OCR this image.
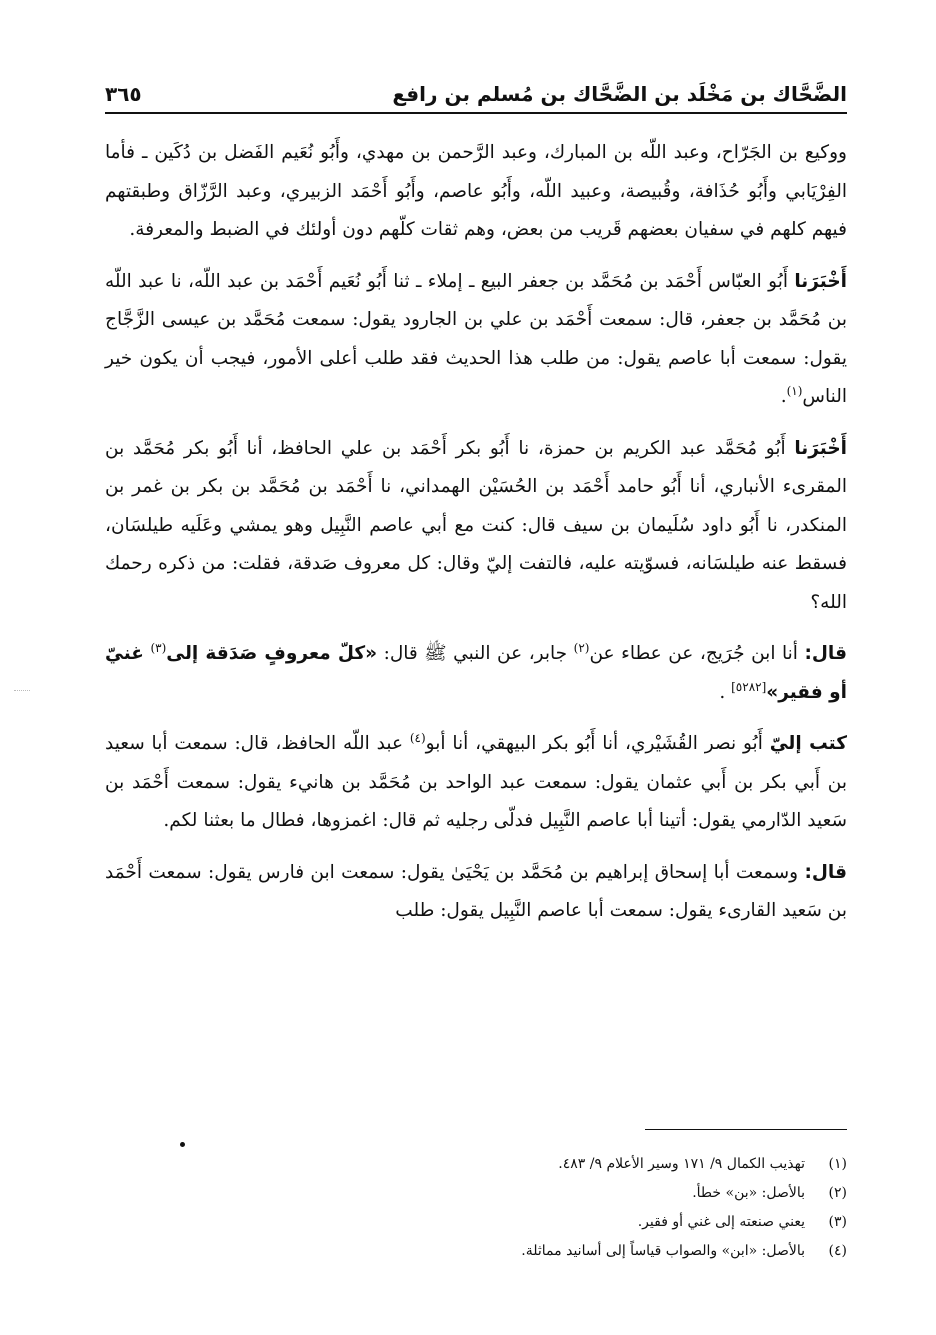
الضَّحَّاك بن مَخْلَد بن الضَّحَّاك بن مُسلم بن رافع
٣٦٥

ووكيع بن الجَرّاح، وعبد اللّه بن المبارك، وعبد الرَّحمن بن مهدي، وأَبُو نُعَيم الفَضل بن دُكَين ـ فأما الفِرْيَابي وأَبُو حُذَافة، وقُبيصة، وعبيد اللّه، وأَبُو عاصم، وأَبُو أَحْمَد الزبيري، وعبد الرَّزّاق وطبقتهم فيهم كلهم في سفيان بعضهم قَريب من بعض، وهم ثقات كلّهم دون أولئك في الضبط والمعرفة.

أَخْبَرَنا أَبُو العبّاس أَحْمَد بن مُحَمَّد بن جعفر البيع ـ إملاء ـ ثنا أَبُو نُعَيم أَحْمَد بن عبد اللّه، نا عبد اللّه بن مُحَمَّد بن جعفر، قال: سمعت أَحْمَد بن علي بن الجارود يقول: سمعت مُحَمَّد بن عيسى الزَّجَّاج يقول: سمعت أبا عاصم يقول: من طلب هذا الحديث فقد طلب أعلى الأمور، فيجب أن يكون خير الناس$^{(١)}$.

أَخْبَرَنا أَبُو مُحَمَّد عبد الكريم بن حمزة، نا أَبُو بكر أَحْمَد بن علي الحافظ، أنا أَبُو بكر مُحَمَّد بن المقرىء الأنباري، أنا أَبُو حامد أَحْمَد بن الحُسَيْن الهمداني، نا أَحْمَد بن مُحَمَّد بن بكر بن غمر بن المنكدر، نا أَبُو داود سُلَيمان بن سيف قال: كنت مع أبي عاصم النَّبِيل وهو يمشي وعَلَيه طيلسَان، فسقط عنه طيلسَانه، فسوّيته عليه، فالتفت إليّ وقال: كل معروف صَدقة، فقلت: من ذكره رحمك الله؟

قال: أنا ابن جُرَيج، عن عطاء عن$^{(٢)}$ جابر، عن النبي ﷺ قال: «كلّ معروفٍ صَدَقة إلى$^{(٣)}$ غنيّ أو فقير»[٥٢٨٢] .

كتب إليّ أَبُو نصر القُشَيْري، أنا أَبُو بكر البيهقي، أنا أبو$^{(٤)}$ عبد اللّه الحافظ، قال: سمعت أبا سعيد بن أَبي بكر بن أَبي عثمان يقول: سمعت عبد الواحد بن مُحَمَّد بن هانيء يقول: سمعت أَحْمَد بن سَعيد الدّارمي يقول: أتينا أبا عاصم النَّبِيل فدلّى رجليه ثم قال: اغمزوها، فطال ما بعثنا لكم.

قال: وسمعت أبا إسحاق إبراهيم بن مُحَمَّد بن يَحْيَىٰ يقول: سمعت ابن فارس يقول: سمعت أَحْمَد بن سَعيد القارىء يقول: سمعت أبا عاصم النَّبِيل يقول: طلب

(١)
تهذيب الكمال ٩/ ١٧١ وسير الأعلام ٩/ ٤٨٣.
(٢)
بالأصل: «بن» خطأ.
(٣)
يعني صنعته إلى غني أو فقير.
(٤)
بالأصل: «ابن» والصواب قياساً إلى أسانيد مماثلة.
